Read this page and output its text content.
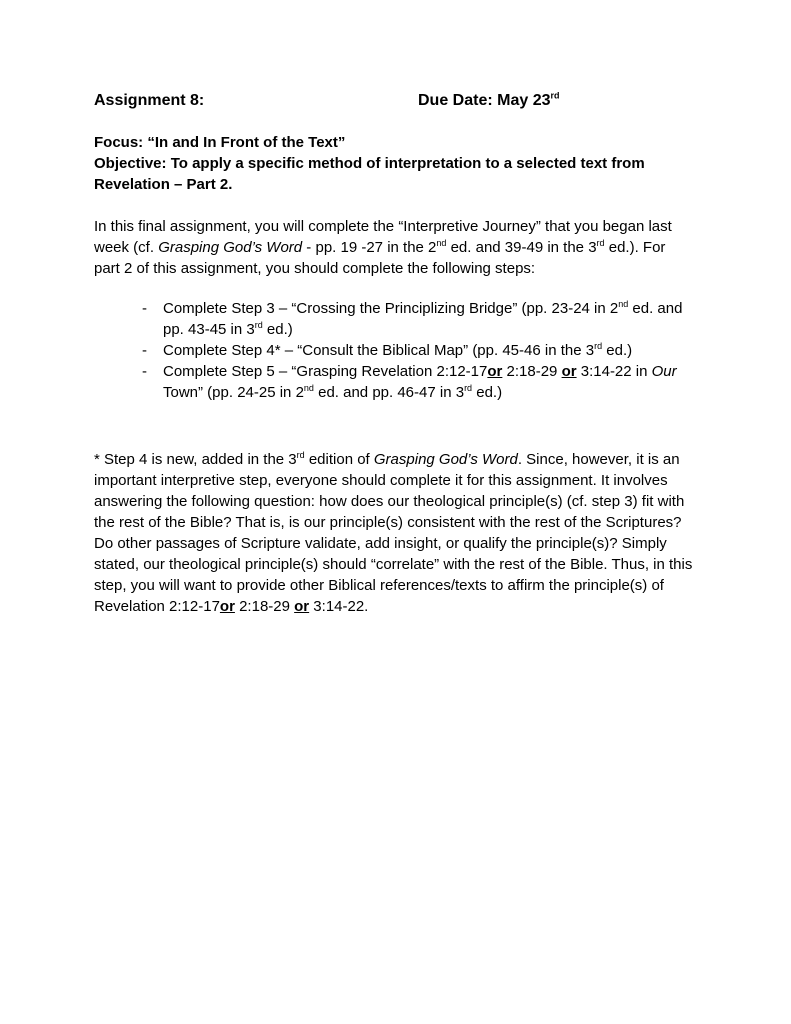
Assignment 8:	Due Date: May 23rd
Focus: “In and In Front of the Text”
Objective: To apply a specific method of interpretation to a selected text from Revelation – Part 2.
In this final assignment, you will complete the “Interpretive Journey” that you began last week (cf. Grasping God’s Word - pp. 19 -27 in the 2nd ed. and 39-49 in the 3rd ed.). For part 2 of this assignment, you should complete the following steps:
- Complete Step 3 – “Crossing the Principlizing Bridge” (pp. 23-24 in 2nd ed. and pp. 43-45 in 3rd ed.)
- Complete Step 4* – “Consult the Biblical Map” (pp. 45-46 in the 3rd ed.)
- Complete Step 5 – “Grasping Revelation 2:12-17or 2:18-29 or 3:14-22 in Our Town” (pp. 24-25 in 2nd ed. and pp. 46-47 in 3rd ed.)
* Step 4 is new, added in the 3rd edition of Grasping God’s Word. Since, however, it is an important interpretive step, everyone should complete it for this assignment. It involves answering the following question: how does our theological principle(s) (cf. step 3) fit with the rest of the Bible? That is, is our principle(s) consistent with the rest of the Scriptures? Do other passages of Scripture validate, add insight, or qualify the principle(s)? Simply stated, our theological principle(s) should “correlate” with the rest of the Bible. Thus, in this step, you will want to provide other Biblical references/texts to affirm the principle(s) of Revelation 2:12-17or 2:18-29 or 3:14-22.
